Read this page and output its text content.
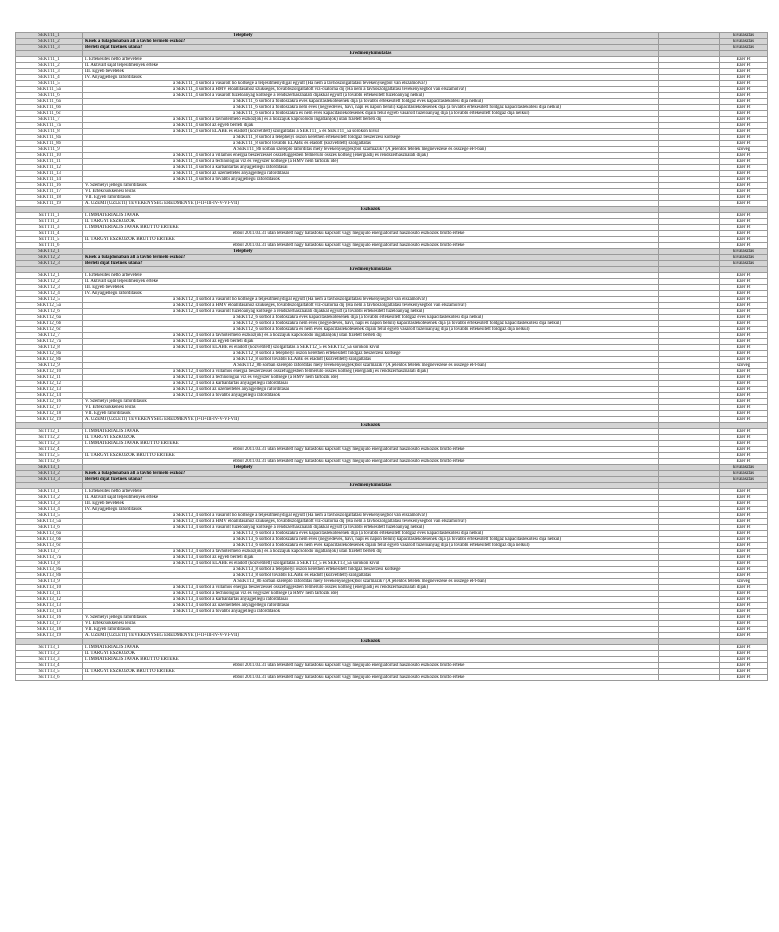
SEKT11_1	Telephely		kiválasztás
SEKT11_2	Kisek a tulajdonában áll a távhő termelő eszköz?		kiválasztás
SEKT11_3	Bérleti díjat fizetnek utána?		kiválasztás
	Eredménykimutatás		
SEKT11_1	I. Értékesítés nettó árbevétele		Ezer Ft
SEKT11_2	II. Aktivált saját teljesítmények értéke		Ezer Ft
SEKT11_3	III. Egyéb bevételek		Ezer Ft
SEKT11_4	IV. Anyagjellegű ráfordítások		Ezer Ft
SEKT11_5	a SEKT11_4 sorból a vásárolt hő költsége a teljesítménydíjjal együtt (Ha nem a távhőszolgáltatási tevékenységből van elszámolva!)		Ezer Ft
SEKT11_5a	a SEKT11_4 sorból a HMV előállításához szükséges, továbbszolgáltatott víz-csatorna díj (Ha nem a távhőszolgáltatási tevékenységből van elszámolva!)		Ezer Ft
SEKT11_6	a SEKT11_4 sorból a vásárolt tüzelőanyag költsége a rendszerhasználati díjakkal együtt (a további értékesített tüzelőanyag nélkül)		Ezer Ft
SEKT11_6a	a SEKT11_6 sorból a főidőszakra éves kapacitáslekötésének díja (a további értékesített földgáz éves kapacitáslekötési díja nélkül)		Ezer Ft
SEKT11_6b	a SEKT11_6 sorból a főidőszakra nem éves (negyedéves, havi, napi és napon belüli) kapacitáslekötésének díja (a további értékesített földgáz kapacitáslekötési díja nélkül)		Ezer Ft
SEKT11_6c	a SEKT11_6 sorból a főidőszakra és nem éves kapacitáslekötésének díjain felül egyéb vásárolt tüzelőanyag díja (a további értékesített földgáz díja nélkül)		Ezer Ft
SEKT11_7	a SEKT11_4 sorból a távhőtermelő eszköz(ök) és a hozzájuk kapcsolódó ingatlan(ok) után fizetett bérleti díj		Ezer Ft
SEKT11_7a	a SEKT11_4 sorból az egyéb bérleti díjak		Ezer Ft
SEKT11_8	a SEKT11_4 sorból ELÁBÉ és eladott (közvetített) szolgáltatás a SEKT11_5 és SEKT11_5a sorokon kívül		Ezer Ft
SEKT11_8a	a SEKT11_8 sorból a telephelyi öszön kerethen értékesített földgáz beszerzési költsége		Ezer Ft
SEKT11_8b	a SEKT11_8 sorból további ELÁBÉ és eladott (közvetített) szolgáltatás		Ezer Ft
SEKT11_9	A SEKT11_8b sorban szereplő ráfordítás mely tevékenység(ek)ből származik? (A jelentős tételek megnevezése és összege eFt-ban)		szöveg
SEKT11_10	a SEKT11_4 sorból a villamos energia beszerzéssel összefüggésben felmerülő összes költség (energiadíj és rendszerhasználati díjak)		Ezer Ft
SEKT11_11	a SEKT11_4 sorból a technológiai víz és vegyszer költsége (a HMV nem tartozik ide)		Ezer Ft
SEKT11_12	a SEKT11_4 sorból a karbantartás anyagjellegű ráfordításai		Ezer Ft
SEKT11_13	a SEKT11_4 sorból az üzemeltetés anyagjellegű ráfordításai		Ezer Ft
SEKT11_14	a SEKT11_4 sorból a további anyagjellegű ráfordítások		Ezer Ft
SEKT11_16	V. Személyi jellegű ráfordítások		Ezer Ft
SEKT11_17	VI. Értékcsökkenési leírás		Ezer Ft
SEKT11_18	VII. Egyéb ráfordítások		Ezer Ft
SEKT11_19	A. ÜZEMI (ÜZLETI) TEVÉKENYSÉG EREDMÉNYE (I+II+III-IV-V-VI-VII)		Ezer Ft
	Eszközök		
SETT11_1	I. IMMATERIÁLIS JAVAK		Ezer Ft
SETT11_2	II. TÁRGYI ESZKÖZÖK		Ezer Ft
SETT11_3	I. IMMATERIÁLIS JAVAK BRUTTÓ ÉRTÉKE		Ezer Ft
SETT11_4	ebből 2011.03.31 után létesített nagy hatásfokú kapcsolt vagy megújuló energiaforrást hasznosító eszközök bruttó értéke		Ezer Ft
SETT11_5	II. TÁRGYI ESZKÖZÖK BRUTTÓ ÉRTÉKE		Ezer Ft
SETT11_6	ebből 2011.03.31 után létesített nagy hatásfokú kapcsolt vagy megújuló energiaforrást hasznosító eszközök bruttó értéke		Ezer Ft
SEKT12_1	Telephely		kiválasztás
SEKT12_2	Kisek a tulajdonában áll a távhő termelő eszköz?		kiválasztás
SEKT12_3	Bérleti díjat fizetnek utána?		kiválasztás
	Eredménykimutatás		
SEKT12_1	I. Értékesítés nettó árbevétele		Ezer Ft
SEKT12_2	II. Aktivált saját teljesítmények értéke		Ezer Ft
SEKT12_3	III. Egyéb bevételek		Ezer Ft
SEKT12_4	IV. Anyagjellegű ráfordítások		Ezer Ft
SEKT12_5	a SEKT12_4 sorból a vásárolt hő költsége a teljesítménydíjjal együtt (Ha nem a távhőszolgáltatási tevékenységből van elszámolva!)		Ezer Ft
SEKT12_5a	a SEKT12_4 sorból a HMV előállításához szükséges, továbbszolgáltatott víz-csatorna díj (Ha nem a távhőszolgáltatási tevékenységből van elszámolva!)		Ezer Ft
SEKT12_6	a SEKT12_4 sorból a vásárolt tüzelőanyag költsége a rendszerhasználati díjakkal együtt (a további értékesített tüzelőanyag nélkül)		Ezer Ft
SEKT12_6a	a SEKT12_6 sorból a főidőszakra éves kapacitáslekötésének díja (a további értékesített földgáz éves kapacitáslekötési díja nélkül)		Ezer Ft
SEKT12_6b	a SEKT12_6 sorból a főidőszakra nem éves (negyedéves, havi, napi és napon belüli) kapacitáslekötésének díja (a további értékesített földgáz kapacitáslekötési díja nélkül)		Ezer Ft
SEKT12_6c	a SEKT12_6 sorból a főidőszakra és nem éves kapacitáslekötésének díjain felül egyéb vásárolt tüzelőanyag díja (a további értékesített földgáz díja nélkül)		Ezer Ft
SEKT12_7	a SEKT12_4 sorból a távhőtermelő eszköz(ök) és a hozzájuk kapcsolódó ingatlan(ok) után fizetett bérleti díj		Ezer Ft
SEKT12_7a	a SEKT12_4 sorból az egyéb bérleti díjak		Ezer Ft
SEKT12_8	a SEKT12_4 sorból ELÁBÉ és eladott (közvetített) szolgáltatás a SEKT12_5 és SEKT12_5a sorokon kívül		Ezer Ft
SEKT12_8a	a SEKT12_8 sorból a telephelyi öszön kerethen értékesített földgáz beszerzési költsége		Ezer Ft
SEKT12_8b	a SEKT12_8 sorból további ELÁBÉ és eladott (közvetített) szolgáltatás		Ezer Ft
SEKT12_9	A SEKT12_8b sorban szereplő ráfordítás mely tevékenység(ek)ből származik? (A jelentős tételek megnevezése és összege eFt-ban)		szöveg
SEKT12_10	a SEKT12_4 sorból a villamos energia beszerzéssel összefüggésben felmerülő összes költség (energiadíj és rendszerhasználati díjak)		Ezer Ft
SEKT12_11	a SEKT12_4 sorból a technológiai víz és vegyszer költsége (a HMV nem tartozik ide)		Ezer Ft
SEKT12_12	a SEKT12_4 sorból a karbantartás anyagjellegű ráfordításai		Ezer Ft
SEKT12_13	a SEKT12_4 sorból az üzemeltetés anyagjellegű ráfordításai		Ezer Ft
SEKT12_14	a SEKT12_4 sorból a további anyagjellegű ráfordítások		Ezer Ft
SEKT12_16	V. Személyi jellegű ráfordítások		Ezer Ft
SEKT12_17	VI. Értékcsökkenési leírás		Ezer Ft
SEKT12_18	VII. Egyéb ráfordítások		Ezer Ft
SEKT12_19	A. ÜZEMI (ÜZLETI) TEVÉKENYSÉG EREDMÉNYE (I+II+III-IV-V-VI-VII)		Ezer Ft
	Eszközök		
SETT12_1	I. IMMATERIÁLIS JAVAK		Ezer Ft
SETT12_2	II. TÁRGYI ESZKÖZÖK		Ezer Ft
SETT12_3	I. IMMATERIÁLIS JAVAK BRUTTÓ ÉRTÉKE		Ezer Ft
SETT12_4	ebből 2011.03.31 után létesített nagy hatásfokú kapcsolt vagy megújuló energiaforrást hasznosító eszközök bruttó értéke		Ezer Ft
SETT12_5	II. TÁRGYI ESZKÖZÖK BRUTTÓ ÉRTÉKE		Ezer Ft
SETT12_6	ebből 2011.03.31 után létesített nagy hatásfokú kapcsolt vagy megújuló energiaforrást hasznosító eszközök bruttó értéke		Ezer Ft
SEKT13_1	Telephely		kiválasztás
SEKT13_2	Kisek a tulajdonában áll a távhő termelő eszköz?		kiválasztás
SEKT13_3	Bérleti díjat fizetnek utána?		kiválasztás
	Eredménykimutatás		
SEKT13_1	I. Értékesítés nettó árbevétele		Ezer Ft
SEKT13_2	II. Aktivált saját teljesítmények értéke		Ezer Ft
SEKT13_3	III. Egyéb bevételek		Ezer Ft
SEKT13_4	IV. Anyagjellegű ráfordítások		Ezer Ft
SEKT13_5	a SEKT13_4 sorból a vásárolt hő költsége a teljesítménydíjjal együtt (Ha nem a távhőszolgáltatási tevékenységből van elszámolva!)		Ezer Ft
SEKT13_5a	a SEKT13_4 sorból a HMV előállításához szükséges, továbbszolgáltatott víz-csatorna díj (Ha nem a távhőszolgáltatási tevékenységből van elszámolva!)		Ezer Ft
SEKT13_6	a SEKT13_4 sorból a vásárolt tüzelőanyag költsége a rendszerhasználati díjakkal együtt (a további értékesített tüzelőanyag nélkül)		Ezer Ft
SEKT13_6a	a SEKT13_6 sorból a főidőszakra éves kapacitáslekötésének díja (a további értékesített földgáz éves kapacitáslekötési díja nélkül)		Ezer Ft
SEKT13_6b	a SEKT13_6 sorból a főidőszakra nem éves (negyedéves, havi, napi és napon belüli) kapacitáslekötésének díja (a további értékesített földgáz kapacitáslekötési díja nélkül)		Ezer Ft
SEKT13_6c	a SEKT13_6 sorból a főidőszakra és nem éves kapacitáslekötésének díjain felül egyéb vásárolt tüzelőanyag díja (a további értékesített földgáz díja nélkül)		Ezer Ft
SEKT13_7	a SEKT13_4 sorból a távhőtermelő eszköz(ök) és a hozzájuk kapcsolódó ingatlan(ok) után fizetett bérleti díj		Ezer Ft
SEKT13_7a	a SEKT13_4 sorból az egyéb bérleti díjak		Ezer Ft
SEKT13_8	a SEKT13_4 sorból ELÁBÉ és eladott (közvetített) szolgáltatás a SEKT13_5 és SEKT13_5a sorokon kívül		Ezer Ft
SEKT13_8a	a SEKT13_8 sorból a telephelyi öszön kerethen értékesített földgáz beszerzési költsége		Ezer Ft
SEKT13_8b	a SEKT13_8 sorból további ELÁBÉ és eladott (közvetített) szolgáltatás		Ezer Ft
SEKT13_9	A SEKT13_8b sorban szereplő ráfordítás mely tevékenység(ek)ből származik? (A jelentős tételek megnevezése és összege eFt-ban)		szöveg
SEKT13_10	a SEKT13_4 sorból a villamos energia beszerzéssel összefüggésben felmerülő összes költség (energiadíj és rendszerhasználati díjak)		Ezer Ft
SEKT13_11	a SEKT13_4 sorból a technológiai víz és vegyszer költsége (a HMV nem tartozik ide)		Ezer Ft
SEKT13_12	a SEKT13_4 sorból a karbantartás anyagjellegű ráfordításai		Ezer Ft
SEKT13_13	a SEKT13_4 sorból az üzemeltetés anyagjellegű ráfordításai		Ezer Ft
SEKT13_14	a SEKT13_4 sorból a további anyagjellegű ráfordítások		Ezer Ft
SEKT13_16	V. Személyi jellegű ráfordítások		Ezer Ft
SEKT13_17	VI. Értékcsökkenési leírás		Ezer Ft
SEKT13_18	VII. Egyéb ráfordítások		Ezer Ft
SEKT13_19	A. ÜZEMI (ÜZLETI) TEVÉKENYSÉG EREDMÉNYE (I+II+III-IV-V-VI-VII)		Ezer Ft
	Eszközök		
SETT13_1	I. IMMATERIÁLIS JAVAK		Ezer Ft
SETT13_2	II. TÁRGYI ESZKÖZÖK		Ezer Ft
SETT13_3	I. IMMATERIÁLIS JAVAK BRUTTÓ ÉRTÉKE		Ezer Ft
SETT13_4	ebből 2011.03.31 után létesített nagy hatásfokú kapcsolt vagy megújuló energiaforrást hasznosító eszközök bruttó értéke		Ezer Ft
SETT13_5	II. TÁRGYI ESZKÖZÖK BRUTTÓ ÉRTÉKE		Ezer Ft
SETT13_6	ebből 2011.03.31 után létesített nagy hatásfokú kapcsolt vagy megújuló energiaforrást hasznosító eszközök bruttó értéke		Ezer Ft
